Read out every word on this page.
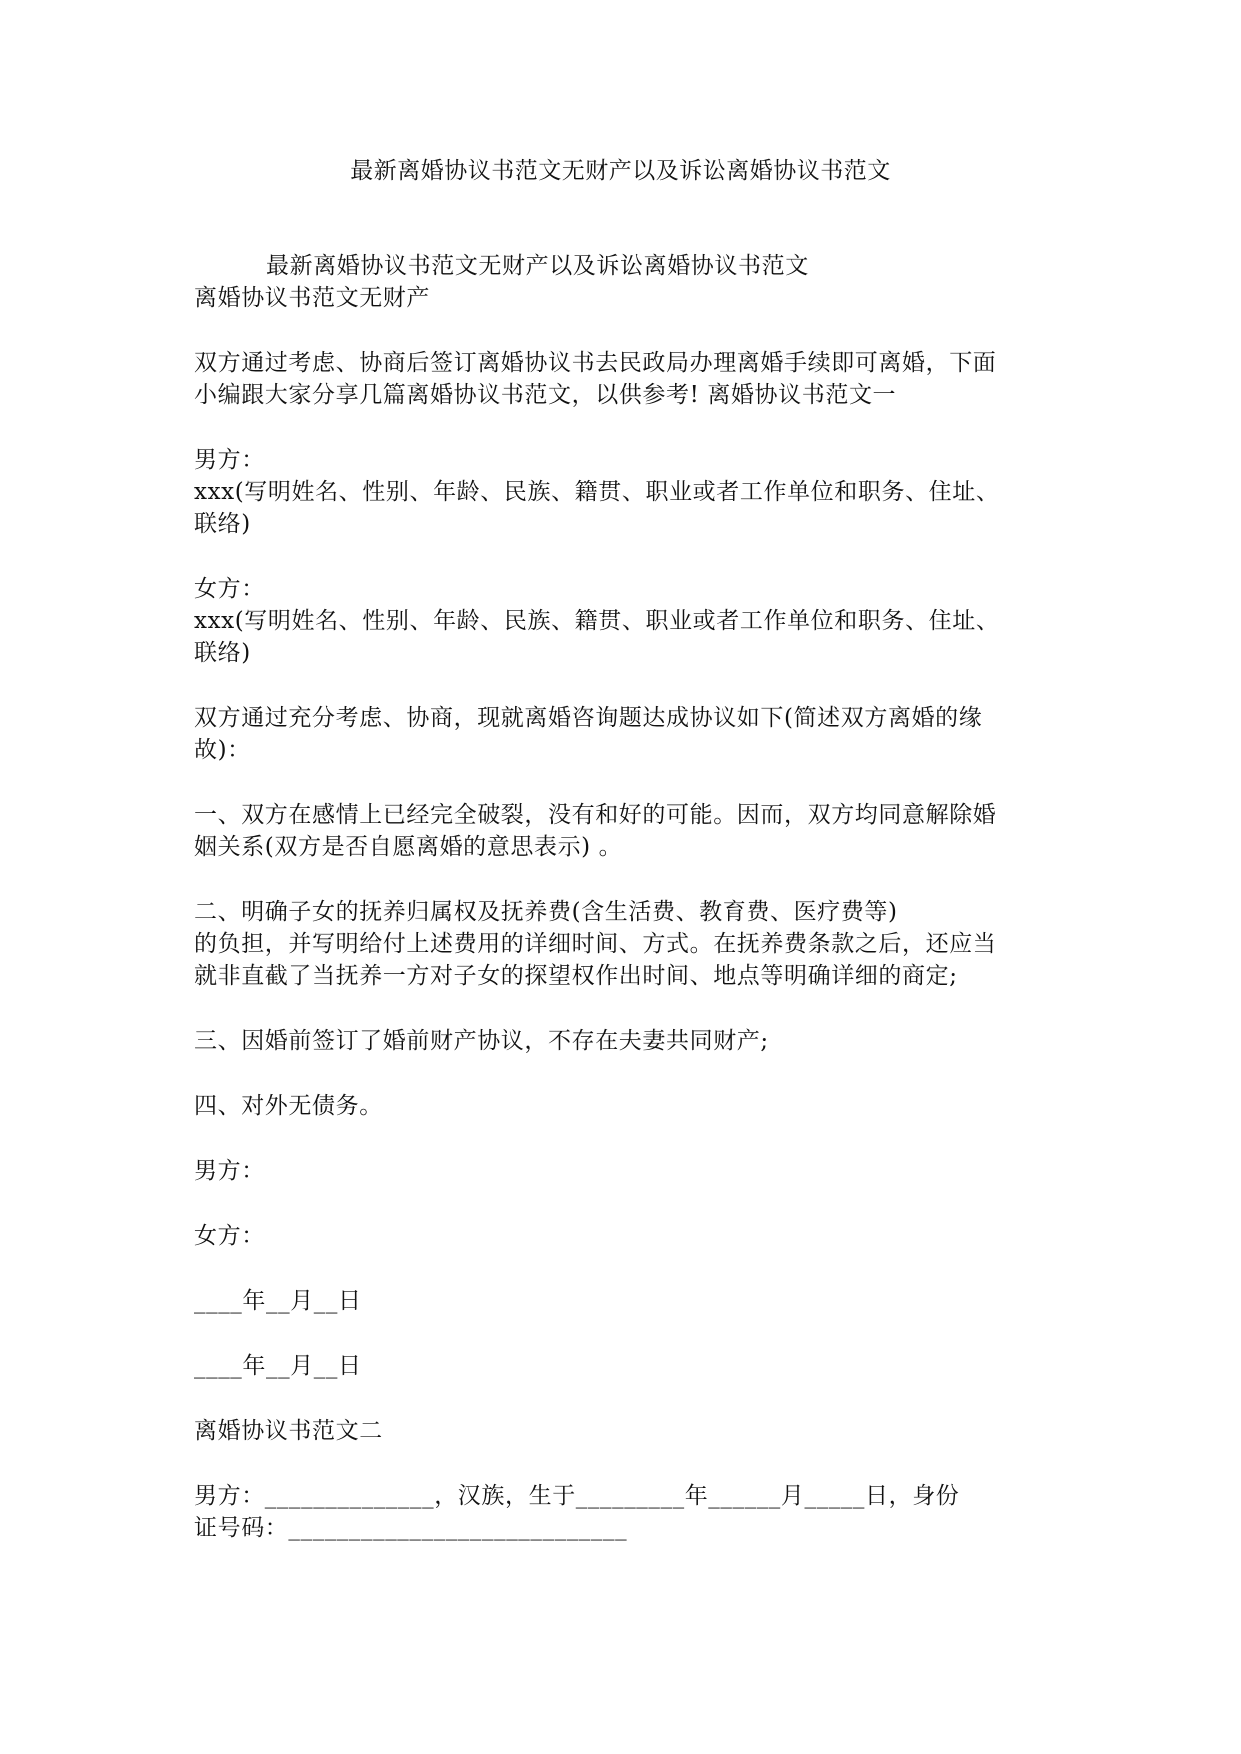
最新离婚协议书范文无财产以及诉讼离婚协议书范文

最新离婚协议书范文无财产以及诉讼离婚协议书范文

离婚协议书范文无财产

双方通过考虑、协商后签订离婚协议书去民政局办理离婚手续即可离婚，下面

小编跟大家分享几篇离婚协议书范文，以供参考! 离婚协议书范文一

男方：

xxx(写明姓名、性别、年龄、民族、籍贯、职业或者工作单位和职务、住址、

联络)

女方：

xxx(写明姓名、性别、年龄、民族、籍贯、职业或者工作单位和职务、住址、

联络)

双方通过充分考虑、协商，现就离婚咨询题达成协议如下(简述双方离婚的缘

故)：

一、双方在感情上已经完全破裂，没有和好的可能。因而，双方均同意解除婚

姻关系(双方是否自愿离婚的意思表示) 。

二、明确子女的抚养归属权及抚养费(含生活费、教育费、医疗费等)

的负担，并写明给付上述费用的详细时间、方式。在抚养费条款之后，还应当

就非直截了当抚养一方对子女的探望权作出时间、地点等明确详细的商定;

三、因婚前签订了婚前财产协议，不存在夫妻共同财产;

四、对外无债务。

男方：

女方：

____年__月__日

____年__月__日

离婚协议书范文二

男方：______________，汉族，生于_________年______月_____日，身份

证号码：____________________________
